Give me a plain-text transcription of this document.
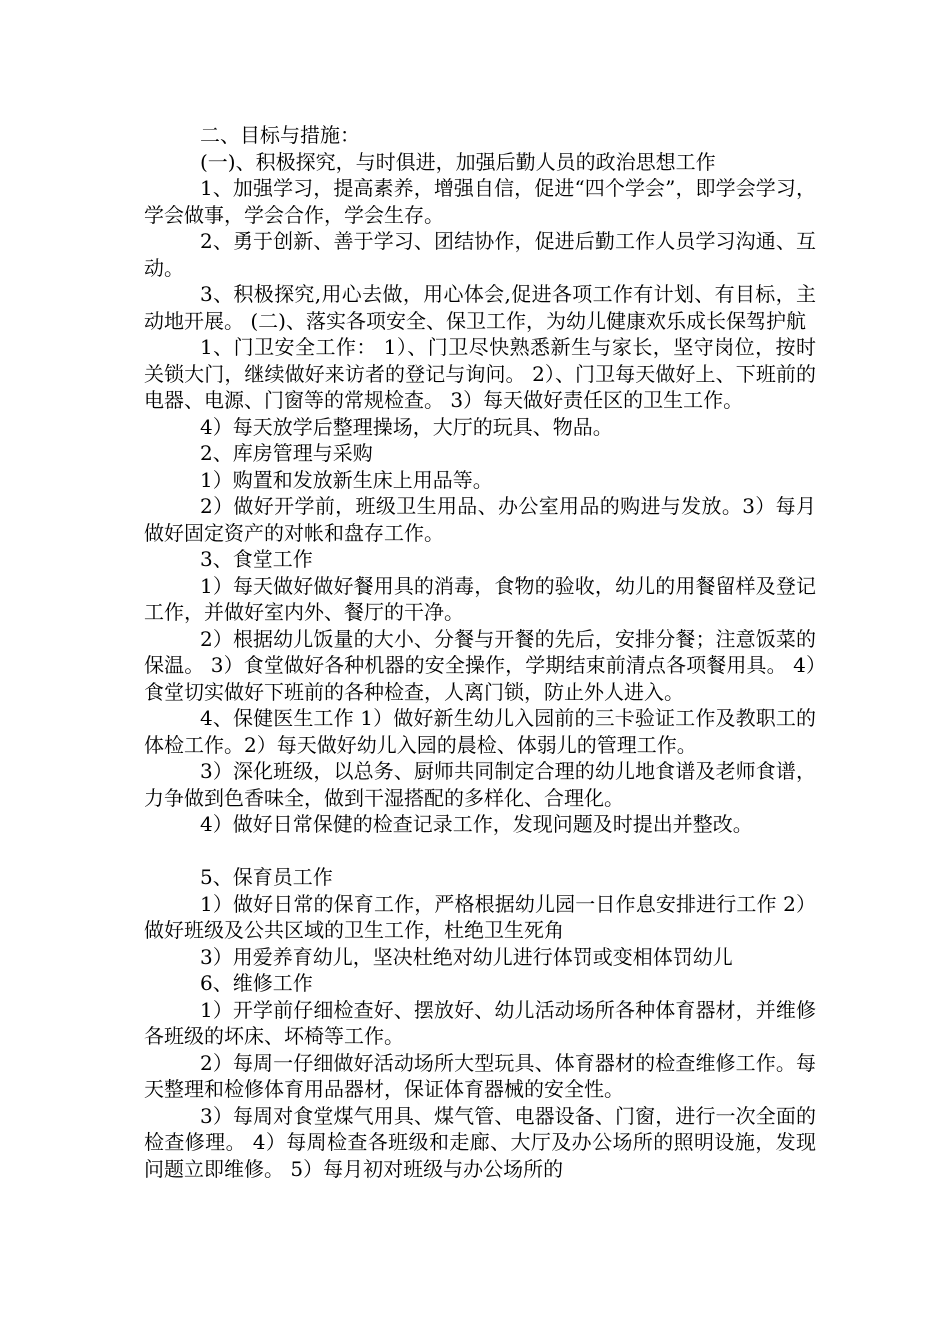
二、目标与措施：

(一)、积极探究，与时俱进，加强后勤人员的政治思想工作

1、加强学习，提高素养，增强自信，促进“四个学会”，即学会学习，学会做事，学会合作，学会生存。

2、勇于创新、善于学习、团结协作，促进后勤工作人员学习沟通、互动。

3、积极探究,用心去做，用心体会,促进各项工作有计划、有目标，主动地开展。 (二)、落实各项安全、保卫工作，为幼儿健康欢乐成长保驾护航

1、门卫安全工作： 1）、门卫尽快熟悉新生与家长，坚守岗位，按时关锁大门，继续做好来访者的登记与询问。 2）、门卫每天做好上、下班前的电器、电源、门窗等的常规检查。 3）每天做好责任区的卫生工作。

4）每天放学后整理操场，大厅的玩具、物品。

2、库房管理与采购

1）购置和发放新生床上用品等。

2）做好开学前，班级卫生用品、办公室用品的购进与发放。3）每月做好固定资产的对帐和盘存工作。

3、食堂工作

1）每天做好做好餐用具的消毒，食物的验收，幼儿的用餐留样及登记工作，并做好室内外、餐厅的干净。

2）根据幼儿饭量的大小、分餐与开餐的先后，安排分餐；注意饭菜的保温。 3）食堂做好各种机器的安全操作，学期结束前清点各项餐用具。 4）食堂切实做好下班前的各种检查，人离门锁，防止外人进入。

4、保健医生工作 1）做好新生幼儿入园前的三卡验证工作及教职工的体检工作。2）每天做好幼儿入园的晨检、体弱儿的管理工作。

3）深化班级，以总务、厨师共同制定合理的幼儿地食谱及老师食谱，力争做到色香味全，做到干湿搭配的多样化、合理化。

4）做好日常保健的检查记录工作，发现问题及时提出并整改。

5、保育员工作

1）做好日常的保育工作，严格根据幼儿园一日作息安排进行工作 2）做好班级及公共区域的卫生工作，杜绝卫生死角

3）用爱养育幼儿，坚决杜绝对幼儿进行体罚或变相体罚幼儿

6、维修工作

1）开学前仔细检查好、摆放好、幼儿活动场所各种体育器材，并维修各班级的坏床、坏椅等工作。

2）每周一仔细做好活动场所大型玩具、体育器材的检查维修工作。每天整理和检修体育用品器材，保证体育器械的安全性。

3）每周对食堂煤气用具、煤气管、电器设备、门窗，进行一次全面的检查修理。 4）每周检查各班级和走廊、大厅及办公场所的照明设施，发现问题立即维修。 5）每月初对班级与办公场所的
